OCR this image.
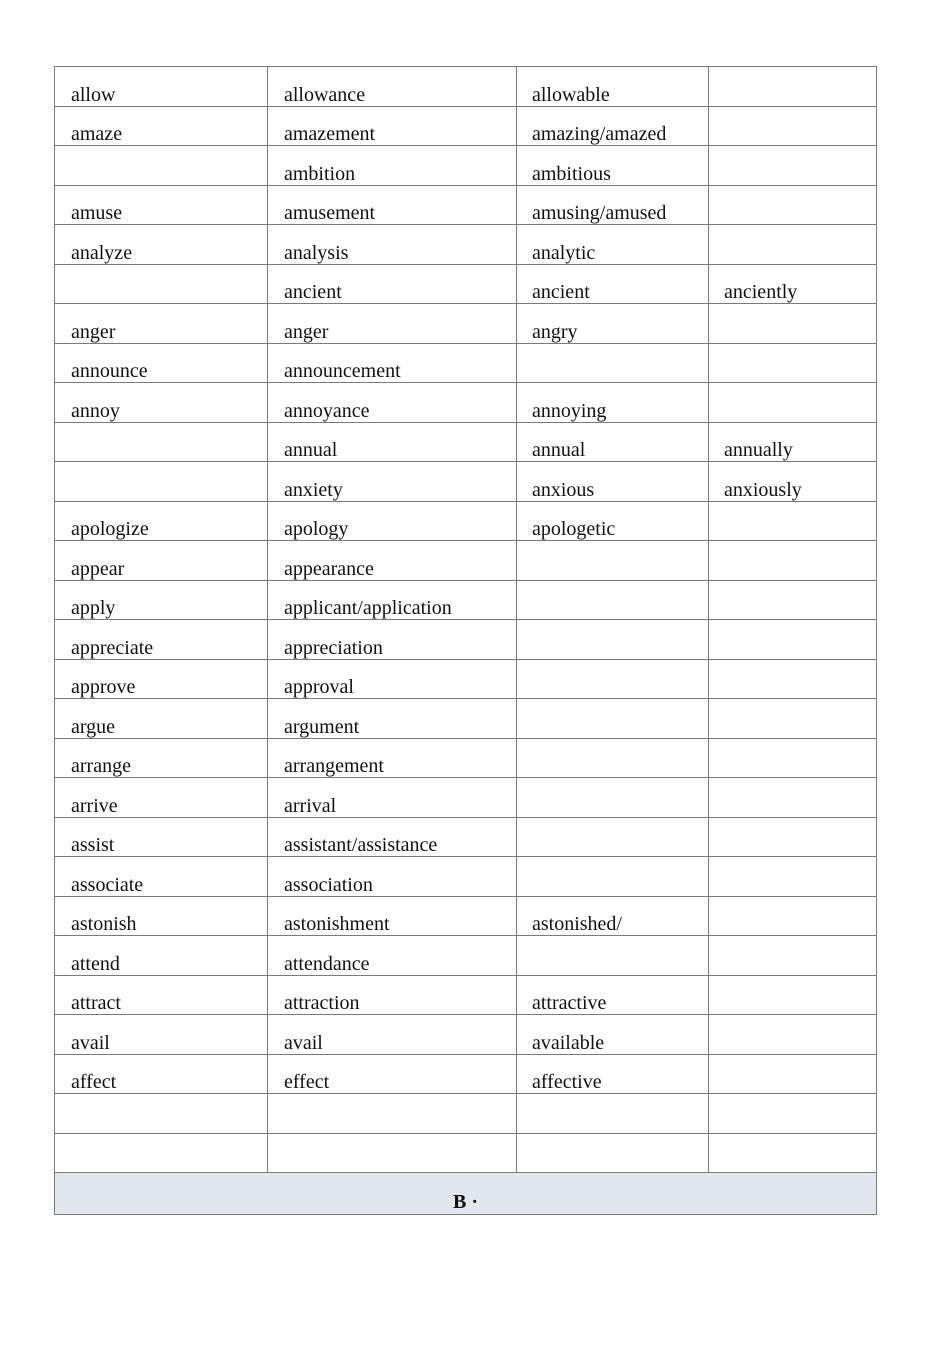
allow	allowance	allowable	

amaze	amazement	amazing/amazed	

	ambition	ambitious	

amuse	amusement	amusing/amused	

analyze	analysis	analytic	

	ancient	ancient	anciently

anger	anger	angry	

announce	announcement		

annoy	annoyance	annoying	

	annual	annual	annually

	anxiety	anxious	anxiously

apologize	apology	apologetic	

appear	appearance		

apply	applicant/application		

appreciate	appreciation		

approve	approval		

argue	argument		

arrange	arrangement		

arrive	arrival		

assist	assistant/assistance		

associate	association		

astonish	astonishment	astonished/	

attend	attendance		

attract	attraction	attractive	

avail	avail	available	

affect	effect	affective	

B ·			
